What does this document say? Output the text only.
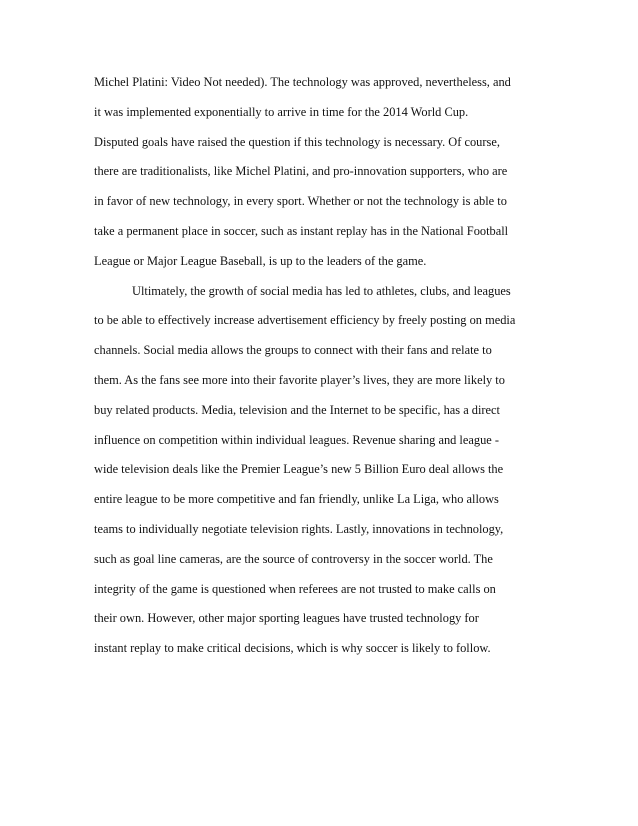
Michel Platini: Video Not needed). The technology was approved, nevertheless, and
it was implemented exponentially to arrive in time for the 2014 World Cup.
Disputed goals have raised the question if this technology is necessary. Of course,
there are traditionalists, like Michel Platini, and pro-innovation supporters, who are
in favor of new technology, in every sport. Whether or not the technology is able to
take a permanent place in soccer, such as instant replay has in the National Football
League or Major League Baseball, is up to the leaders of the game.
Ultimately, the growth of social media has led to athletes, clubs, and leagues
to be able to effectively increase advertisement efficiency by freely posting on media
channels. Social media allows the groups to connect with their fans and relate to
them. As the fans see more into their favorite player’s lives, they are more likely to
buy related products. Media, television and the Internet to be specific, has a direct
influence on competition within individual leagues. Revenue sharing and league -
wide television deals like the Premier League’s new 5 Billion Euro deal allows the
entire league to be more competitive and fan friendly, unlike La Liga, who allows
teams to individually negotiate television rights. Lastly, innovations in technology,
such as goal line cameras, are the source of controversy in the soccer world. The
integrity of the game is questioned when referees are not trusted to make calls on
their own. However, other major sporting leagues have trusted technology for
instant replay to make critical decisions, which is why soccer is likely to follow.
